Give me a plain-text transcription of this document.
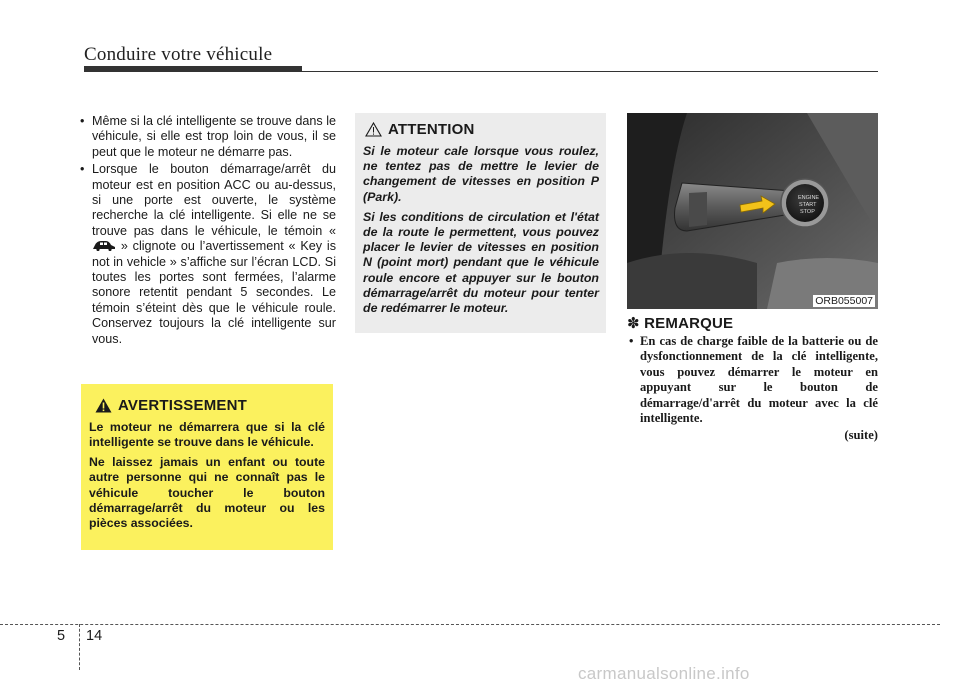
Conduire votre véhicule
• Même si la clé intelligente se trouve dans le véhicule, si elle est trop loin de vous, il se peut que le moteur ne démarre pas.
• Lorsque le bouton démarrage/arrêt du moteur est en position ACC ou au-dessus, si une porte est ouverte, le système recherche la clé intelligente. Si elle ne se trouve pas dans le véhicule, le témoin «  » clignote ou l’avertissement « Key is not in vehicle » s’affiche sur l’écran LCD. Si toutes les portes sont fermées, l’alarme sonore retentit pendant 5 secondes. Le témoin s’éteint dès que le véhicule roule. Conservez toujours la clé intelligente sur vous.
AVERTISSEMENT

Le moteur ne démarrera que si la clé intelligente se trouve dans le véhicule.

Ne laissez jamais un enfant ou toute autre personne qui ne connaît pas le véhicule toucher le bouton démarrage/arrêt du moteur ou les pièces associées.

ATTENTION

Si le moteur cale lorsque vous roulez, ne tentez pas de mettre le levier de changement de vitesses en position P (Park).

Si les conditions de circulation et l'état de la route le permettent, vous pouvez placer le levier de vitesses en position N (point mort) pendant que le véhicule roule encore et appuyer sur le bouton démarrage/arrêt du moteur pour tenter de redémarrer le moteur.

ENGINE
START
STOP
ORB055007
✽ REMARQUE
• En cas de charge faible de la batterie ou de dysfonctionnement de la clé intelligente, vous pouvez démarrer le moteur en appuyant sur le bouton de démarrage/d'arrêt du moteur avec la clé intelligente.
(suite)
5 14
carmanualsonline.info
